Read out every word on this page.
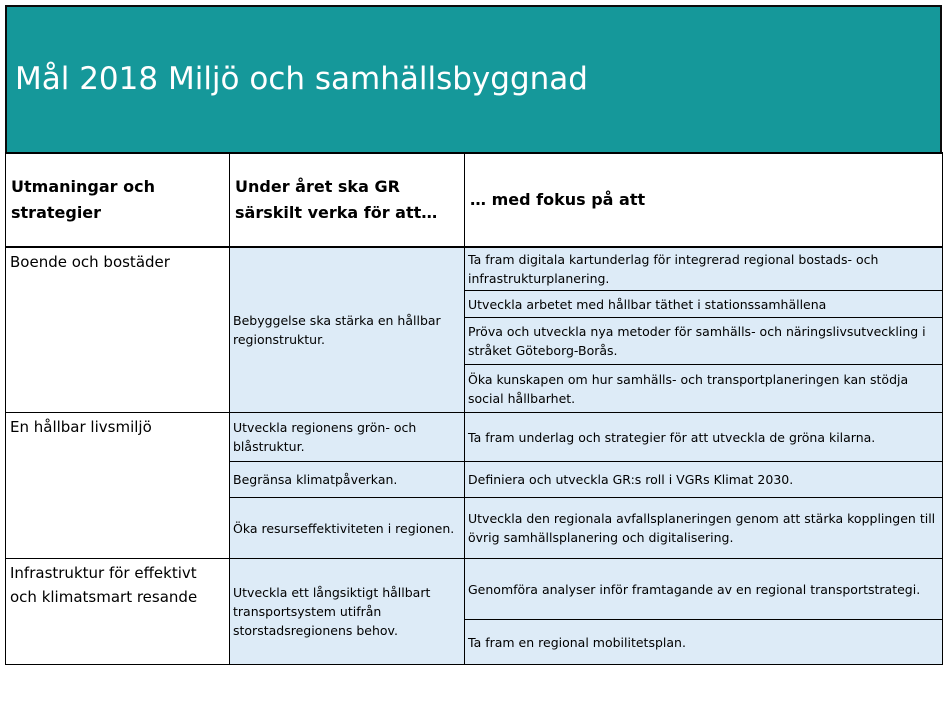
Mål 2018 Miljö och samhällsbyggnad
Utmaningar och strategier	Under året ska GR särskilt verka för att…	… med fokus på att
Boende och bostäder	Bebyggelse ska stärka en hållbar regionstruktur.	Ta fram digitala kartunderlag för integrerad regional bostads- och infrastrukturplanering.
		Utveckla arbetet med hållbar täthet i stationssamhällena
		Pröva och utveckla nya metoder för samhälls- och näringslivsutveckling i stråket Göteborg-Borås.
		Öka kunskapen om hur samhälls- och transportplaneringen kan stödja social hållbarhet.
En hållbar livsmiljö	Utveckla regionens grön- och blåstruktur.	Ta fram underlag och strategier för att utveckla de gröna kilarna.
	Begränsa klimatpåverkan.	Definiera och utveckla GR:s roll i VGRs Klimat 2030.
	Öka resurseffektiviteten i regionen.	Utveckla den regionala avfallsplaneringen genom att stärka kopplingen till övrig samhällsplanering och digitalisering.
Infrastruktur för effektivt och klimatsmart resande	Utveckla ett långsiktigt hållbart transportsystem utifrån storstadsregionens behov.	Genomföra analyser inför framtagande av en regional transportstrategi.
		Ta fram en regional mobilitetsplan.
